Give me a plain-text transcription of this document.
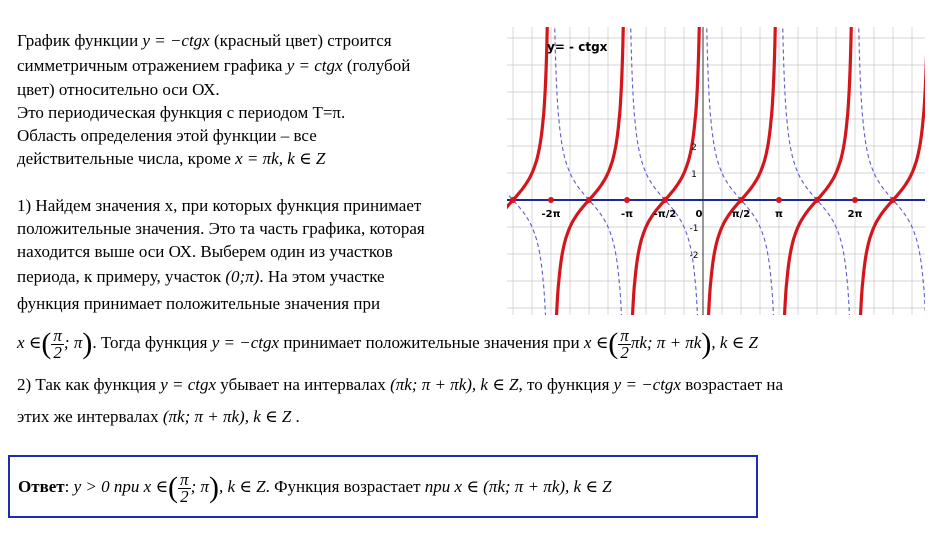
График функции y = −ctgx (красный цвет) строится
симметричным отражением графика y = ctgx (голубой
цвет) относительно оси ОХ.
Это периодическая функция с периодом Т=π.
Область определения этой функции – все
действительные числа, кроме x = πk, k ∈ Z
1) Найдем значения х, при которых функция принимает
положительные значения. Это та часть графика, которая
находится выше оси ОХ. Выберем один из участков
периода, к примеру, участок (0;π). На этом участке
функция принимает положительные значения при
x ∈( $\frac{\pi}{2}$ ; π). Тогда функция y = −ctgx принимает положительные значения при x ∈( $\frac{\pi}{2} \pi k$; π + πk), k ∈ Z
2) Так как функция y = ctgx убывает на интервалах (πk; π + πk), k ∈ Z, то функция y = −ctgx возрастает на
этих же интервалах (πk; π + πk), k ∈ Z .
Ответ: y > 0 при x ∈( $\frac{\pi}{2}$ ; π), k ∈ Z. Функция возрастает при x ∈ (πk; π + πk), k ∈ Z
y= - ctgx
-2π	-π -π/2 0	π/2 π	2π
1
2
-1
-2
